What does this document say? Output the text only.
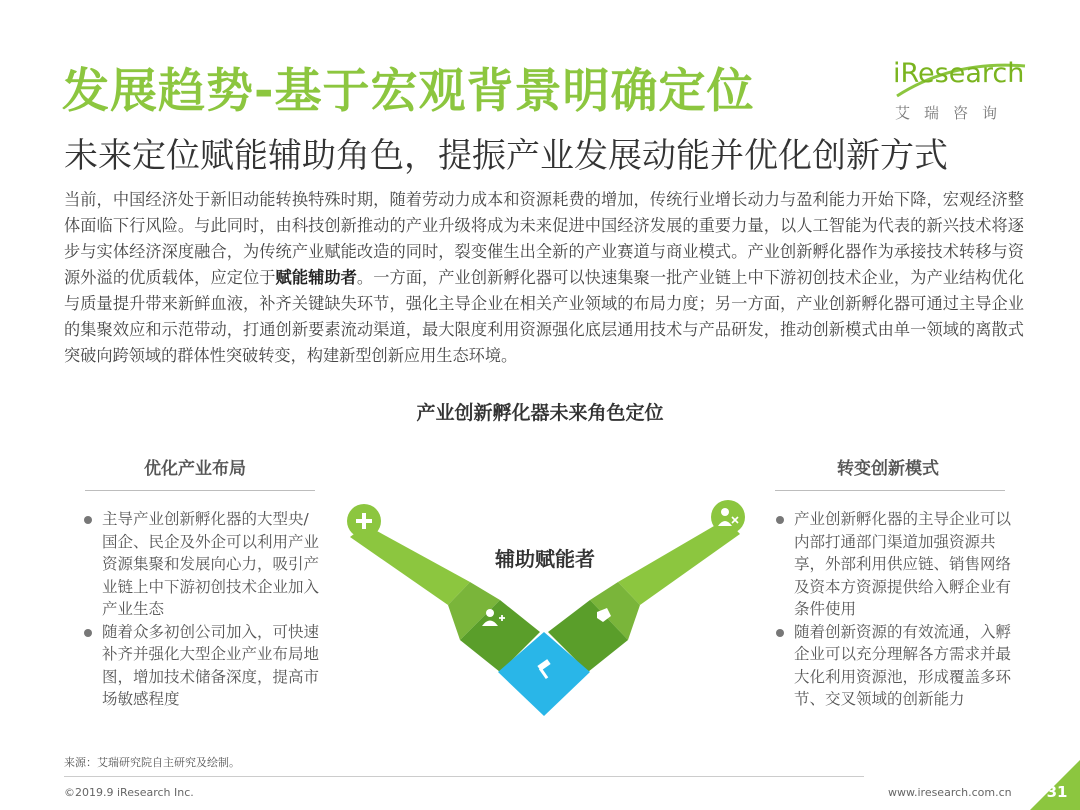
发展趋势-基于宏观背景明确定位
未来定位赋能辅助角色，提振产业发展动能并优化创新方式
iResearch
艾瑞咨询

当前，中国经济处于新旧动能转换特殊时期，随着劳动力成本和资源耗费的增加，传统行业增长动力与盈利能力开始下降，宏观经济整体面临下行风险。与此同时，由科技创新推动的产业升级将成为未来促进中国经济发展的重要力量，以人工智能为代表的新兴技术将逐步与实体经济深度融合，为传统产业赋能改造的同时，裂变催生出全新的产业赛道与商业模式。产业创新孵化器作为承接技术转移与资源外溢的优质载体，应定位于赋能辅助者。一方面，产业创新孵化器可以快速集聚一批产业链上中下游初创技术企业，为产业结构优化与质量提升带来新鲜血液，补齐关键缺失环节，强化主导企业在相关产业领域的布局力度；另一方面，产业创新孵化器可通过主导企业的集聚效应和示范带动，打通创新要素流动渠道，最大限度利用资源强化底层通用技术与产品研发，推动创新模式由单一领域的离散式突破向跨领域的群体性突破转变，构建新型创新应用生态环境。

产业创新孵化器未来角色定位
优化产业布局	转变创新模式
主导产业创新孵化器的大型央/国企、民企及外企可以利用产业资源集聚和发展向心力，吸引产业链上中下游初创技术企业加入产业生态
随着众多初创公司加入，可快速补齐并强化大型企业产业布局地图，增加技术储备深度，提高市场敏感程度
产业创新孵化器的主导企业可以内部打通部门渠道加强资源共享，外部利用供应链、销售网络及资本方资源提供给入孵企业有条件使用
随着创新资源的有效流通，入孵企业可以充分理解各方需求并最大化利用资源池，形成覆盖多环节、交叉领域的创新能力
辅助赋能者
来源：艾瑞研究院自主研究及绘制。
©2019.9 iResearch Inc.	www.iresearch.com.cn	31
